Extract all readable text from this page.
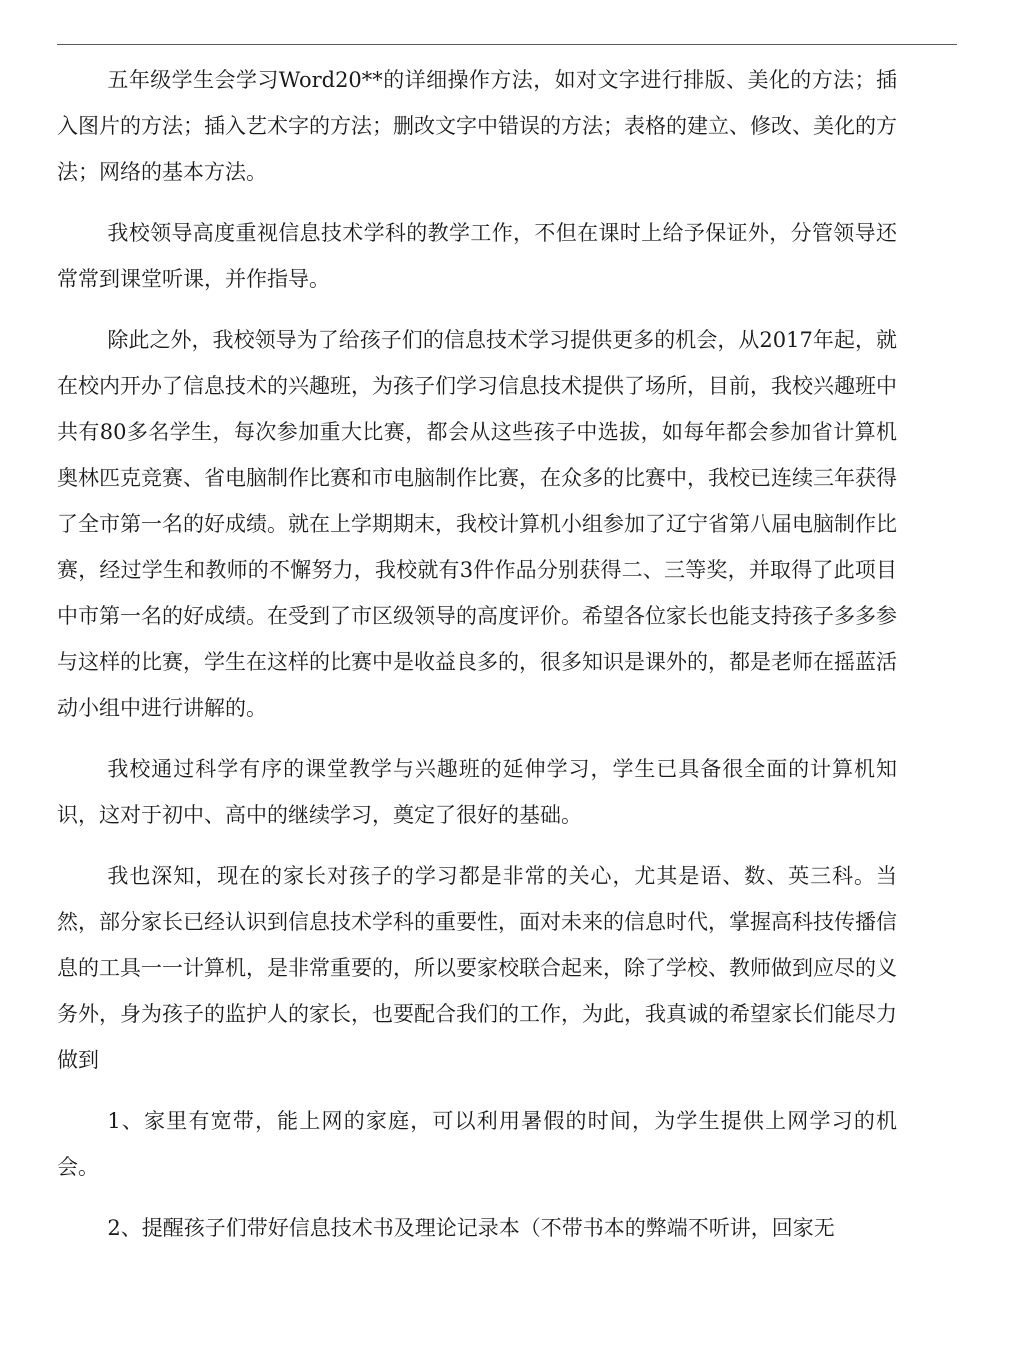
五年级学生会学习Word20**的详细操作方法，如对文字进行排版、美化的方法；插入图片的方法；插入艺术字的方法；删改文字中错误的方法；表格的建立、修改、美化的方法；网络的基本方法。

我校领导高度重视信息技术学科的教学工作，不但在课时上给予保证外，分管领导还常常到课堂听课，并作指导。

除此之外，我校领导为了给孩子们的信息技术学习提供更多的机会，从2017年起，就在校内开办了信息技术的兴趣班，为孩子们学习信息技术提供了场所，目前，我校兴趣班中共有80多名学生，每次参加重大比赛，都会从这些孩子中选拔，如每年都会参加省计算机奥林匹克竞赛、省电脑制作比赛和市电脑制作比赛，在众多的比赛中，我校已连续三年获得了全市第一名的好成绩。就在上学期期末，我校计算机小组参加了辽宁省第八届电脑制作比赛，经过学生和教师的不懈努力，我校就有3件作品分别获得二、三等奖，并取得了此项目中市第一名的好成绩。在受到了市区级领导的高度评价。希望各位家长也能支持孩子多多参与这样的比赛，学生在这样的比赛中是收益良多的，很多知识是课外的，都是老师在摇蓝活动小组中进行讲解的。

我校通过科学有序的课堂教学与兴趣班的延伸学习，学生已具备很全面的计算机知识，这对于初中、高中的继续学习，奠定了很好的基础。

我也深知，现在的家长对孩子的学习都是非常的关心，尤其是语、数、英三科。当然，部分家长已经认识到信息技术学科的重要性，面对未来的信息时代，掌握高科技传播信息的工具一一计算机，是非常重要的，所以要家校联合起来，除了学校、教师做到应尽的义务外，身为孩子的监护人的家长，也要配合我们的工作，为此，我真诚的希望家长们能尽力做到

1、家里有宽带，能上网的家庭，可以利用暑假的时间，为学生提供上网学习的机会。

2、提醒孩子们带好信息技术书及理论记录本（不带书本的弊端不听讲，回家无
